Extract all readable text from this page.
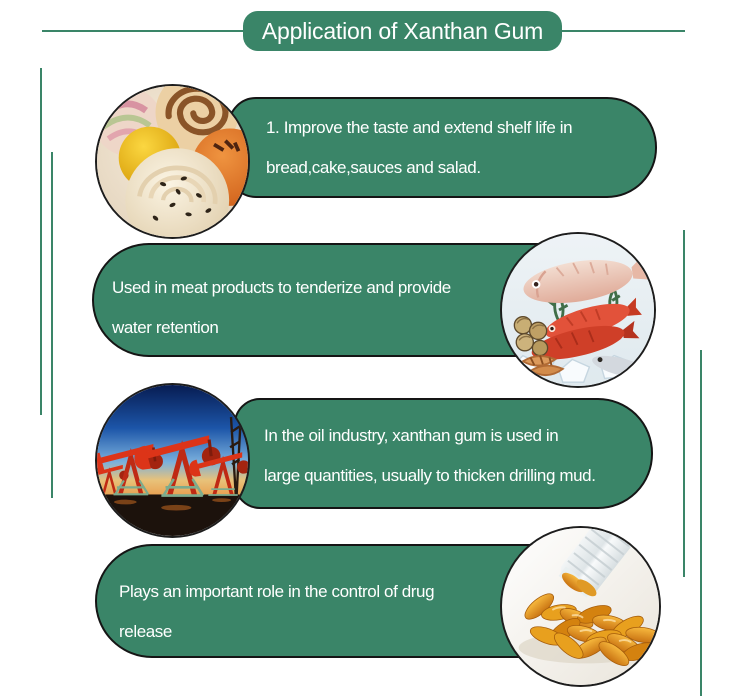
Application of Xanthan Gum
1. Improve the taste and extend shelf life in
bread,cake,sauces and salad.
Used in meat products to tenderize and provide
water retention
In the oil industry, xanthan gum is used in
large quantities, usually to thicken drilling mud.
Plays an important role in the control of drug
release
